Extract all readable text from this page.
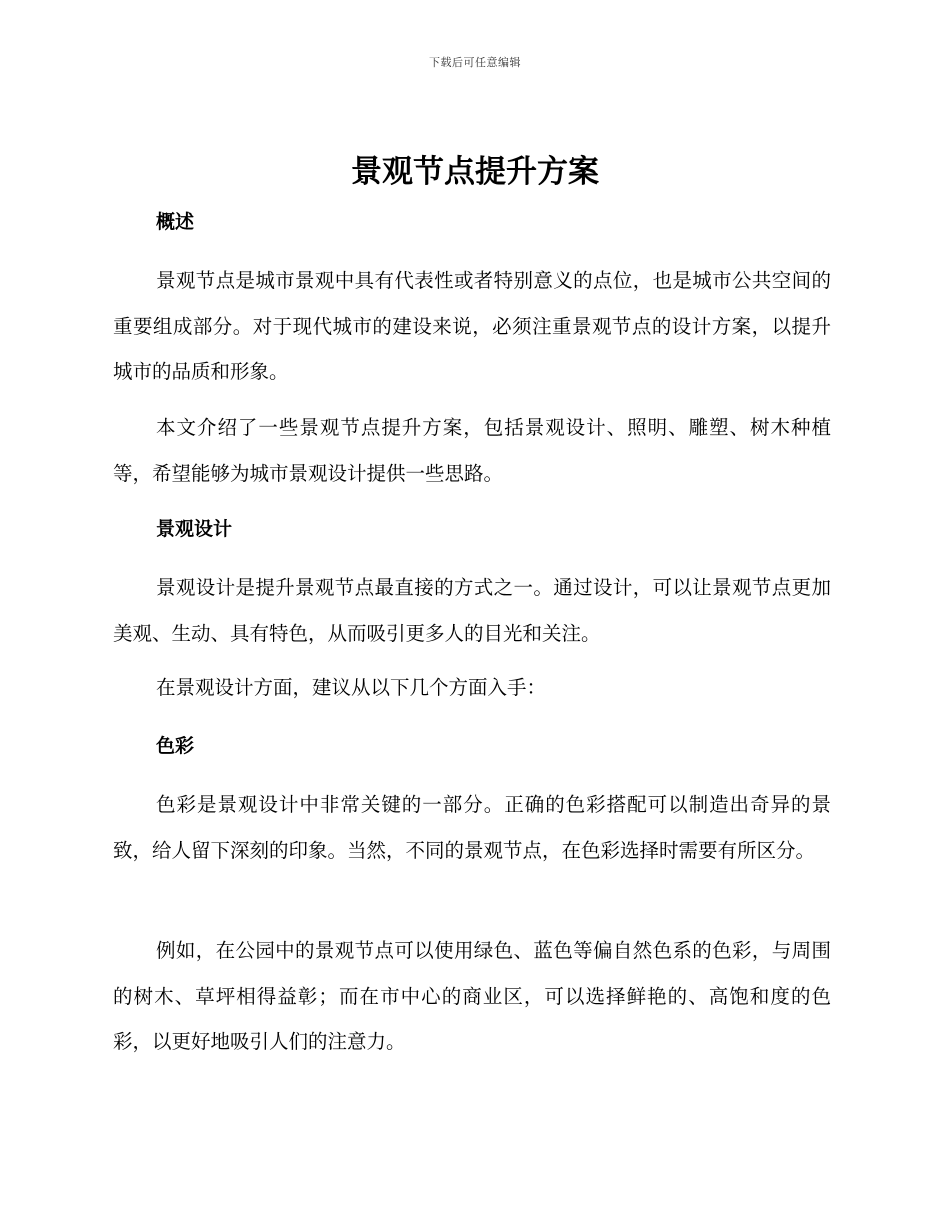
下载后可任意编辑
景观节点提升方案
概述

景观节点是城市景观中具有代表性或者特别意义的点位，也是城市公共空间的重要组成部分。对于现代城市的建设来说，必须注重景观节点的设计方案，以提升城市的品质和形象。

本文介绍了一些景观节点提升方案，包括景观设计、照明、雕塑、树木种植等，希望能够为城市景观设计提供一些思路。

景观设计

景观设计是提升景观节点最直接的方式之一。通过设计，可以让景观节点更加美观、生动、具有特色，从而吸引更多人的目光和关注。

在景观设计方面，建议从以下几个方面入手：

色彩

色彩是景观设计中非常关键的一部分。正确的色彩搭配可以制造出奇异的景致，给人留下深刻的印象。当然，不同的景观节点，在色彩选择时需要有所区分。

例如，在公园中的景观节点可以使用绿色、蓝色等偏自然色系的色彩，与周围的树木、草坪相得益彰；而在市中心的商业区，可以选择鲜艳的、高饱和度的色彩，以更好地吸引人们的注意力。
